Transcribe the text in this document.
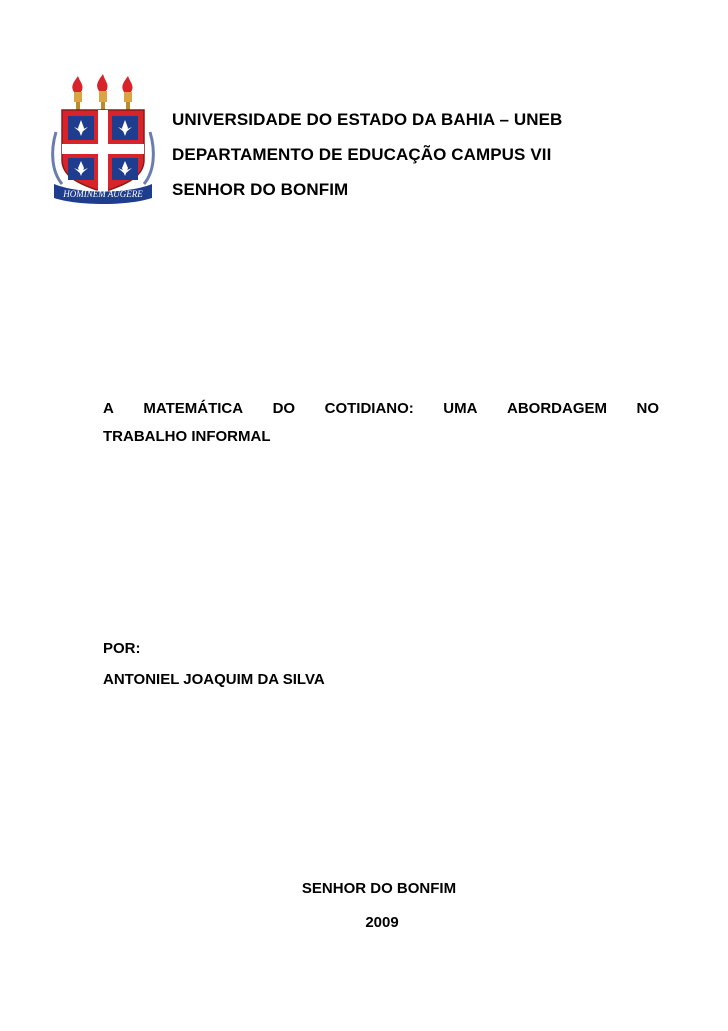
HOMINEM AUGERE
UNIVERSIDADE DO ESTADO DA BAHIA – UNEB
DEPARTAMENTO DE EDUCAÇÃO CAMPUS VII
SENHOR DO BONFIM
A MATEMÁTICA DO COTIDIANO: UMA ABORDAGEM NO
TRABALHO INFORMAL
POR:
ANTONIEL JOAQUIM DA SILVA
SENHOR DO BONFIM
2009
